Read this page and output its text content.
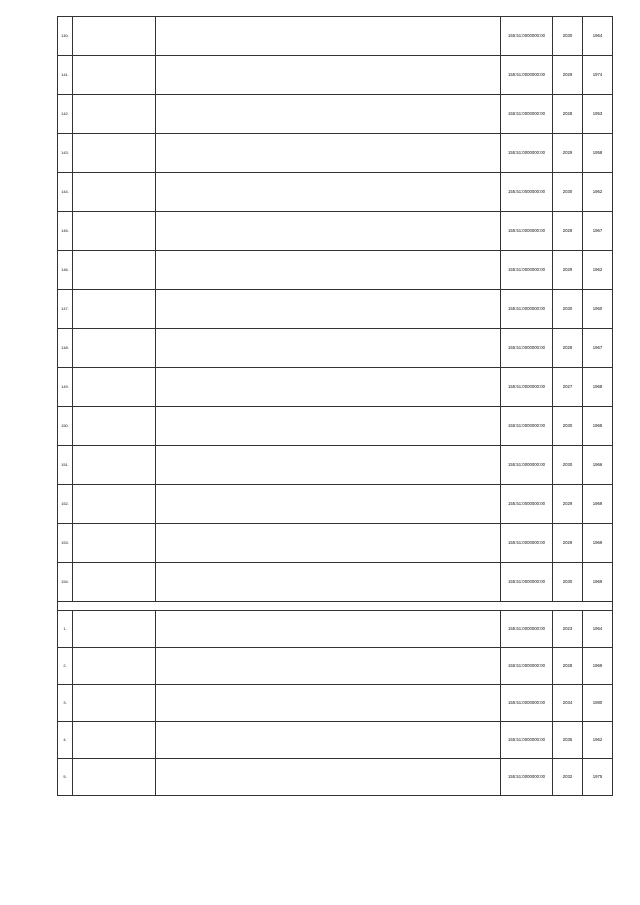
140.			155:51:0000000:00	2030	1964
141.			155:51:0000000:00	2029	1974
142.			155:51:0000000:00	2028	1953
143.			155:51:0000000:00	2029	1958
144.			155:51:0000000:00	2030	1962
145.			155:51:0000000:00	2028	1967
146.			155:51:0000000:00	2029	1962
147.			155:51:0000000:00	2030	1960
148.			155:51:0000000:00	2028	1967
149.			155:51:0000000:00	2027	1968
150.			155:51:0000000:00	2030	1968
151.			155:51:0000000:00	2030	1966
152.			155:51:0000000:00	2029	1969
153.			155:51:0000000:00	2029	1969
154.			155:51:0000000:00	2030	1969

1.			155:51:0000000:00	2023	1964
2.			155:51:0000000:00	2028	1969
3.			155:51:0000000:00	2034	1980
4.			155:51:0000000:00	2035	1962
5.			155:51:0000000:00	2032	1975
